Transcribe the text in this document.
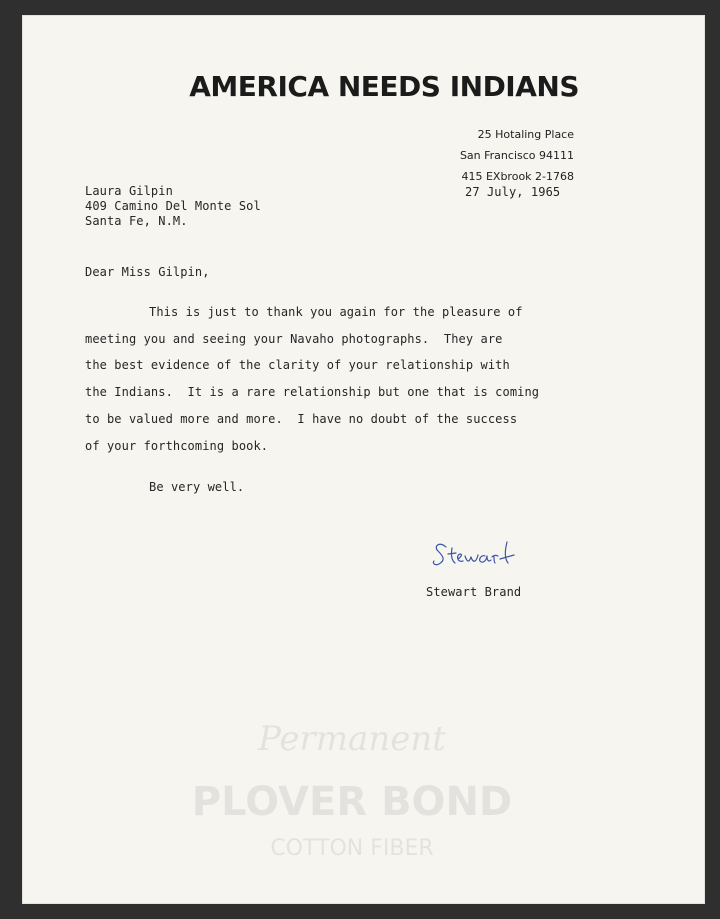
AMERICA NEEDS INDIANS
25 Hotaling Place
San Francisco 94111
415 EXbrook 2-1768
27 July, 1965
Laura Gilpin
409 Camino Del Monte Sol
Santa Fe, N.M.
Dear Miss Gilpin,
This is just to thank you again for the pleasure of
meeting you and seeing your Navaho photographs.  They are
the best evidence of the clarity of your relationship with
the Indians.  It is a rare relationship but one that is coming
to be valued more and more.  I have no doubt of the success
of your forthcoming book.
Be very well.
Stewart Brand
Permanent
PLOVER BOND
COTTON FIBER
